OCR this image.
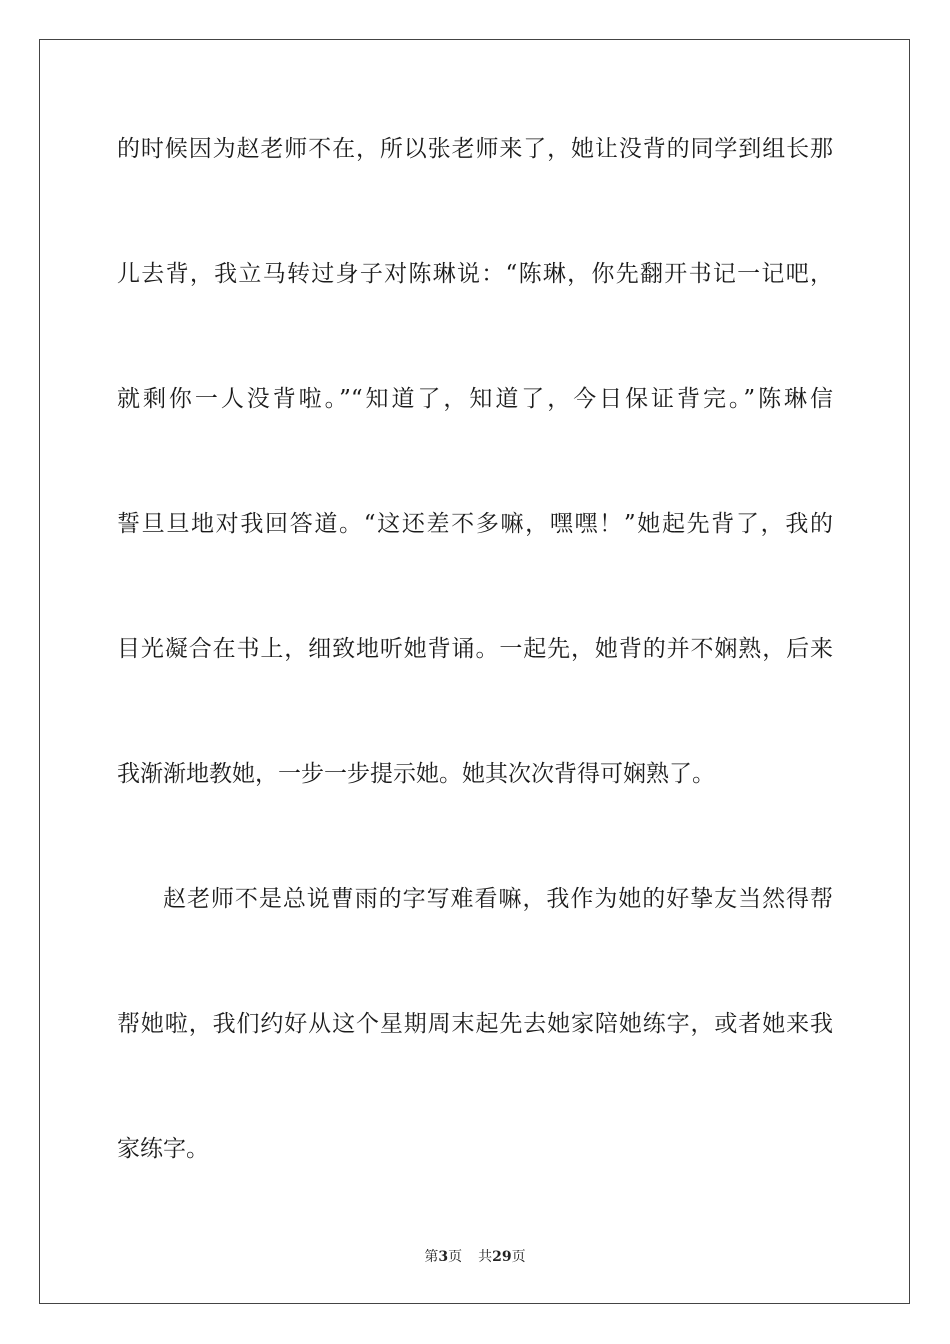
的时候因为赵老师不在，所以张老师来了，她让没背的同学到组长那
儿去背，我立马转过身子对陈琳说：“陈琳，你先翻开书记一记吧，
就剩你一人没背啦。”“知道了，知道了，今日保证背完。”陈琳信
誓旦旦地对我回答道。“这还差不多嘛，嘿嘿！”她起先背了，我的
目光凝合在书上，细致地听她背诵。一起先，她背的并不娴熟，后来
我渐渐地教她，一步一步提示她。她其次次背得可娴熟了。
赵老师不是总说曹雨的字写难看嘛，我作为她的好挚友当然得帮
帮她啦，我们约好从这个星期周末起先去她家陪她练字，或者她来我
家练字。
第3页 共29页
